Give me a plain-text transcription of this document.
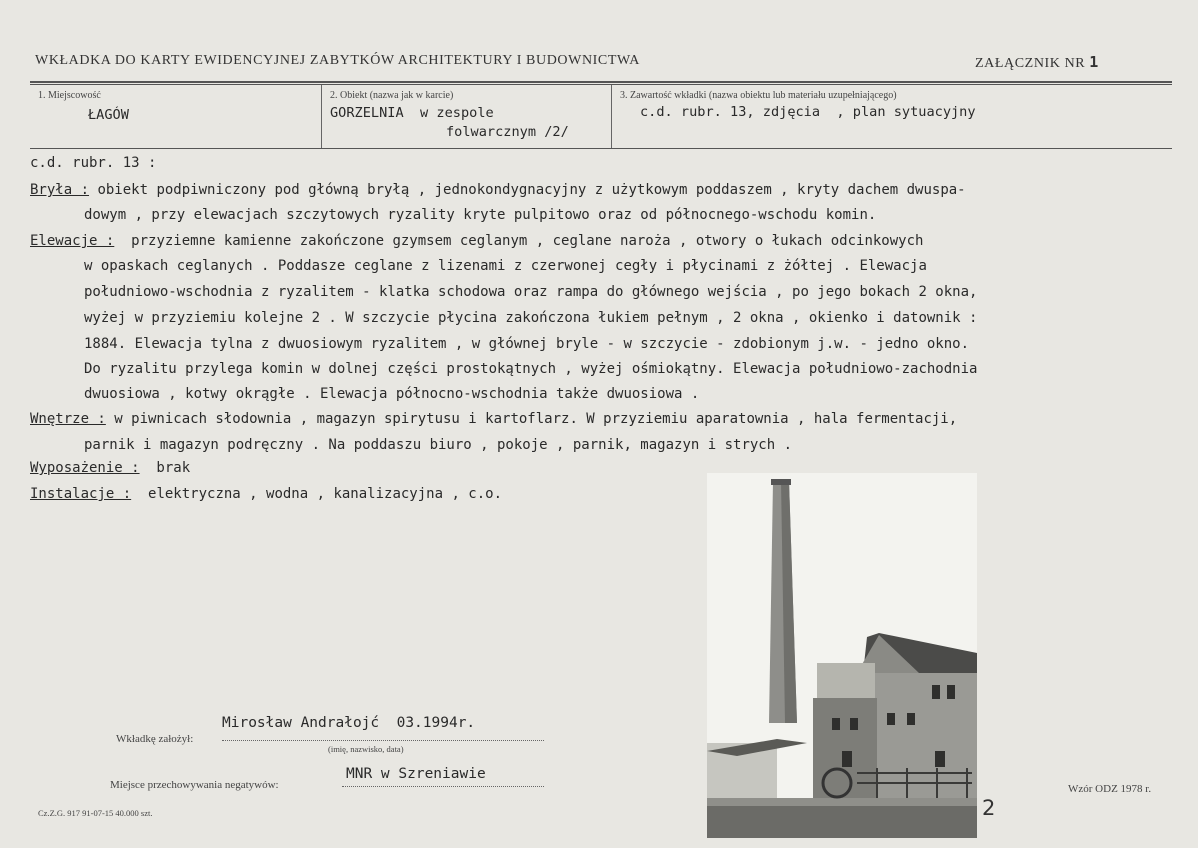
WKŁADKA DO KARTY EWIDENCYJNEJ ZABYTKÓW ARCHITEKTURY I BUDOWNICTWA	ZAŁĄCZNIK NR 1
1. Miejscowość
ŁAGÓW
2. Obiekt (nazwa jak w karcie)
GORZELNIA  w zespole
folwarcznym /2/
3. Zawartość wkładki (nazwa obiektu lub materiału uzupełniającego)
c.d. rubr. 13, zdjęcia  , plan sytuacyjny
c.d. rubr. 13 :
Bryła : obiekt podpiwniczony pod główną bryłą , jednokondygnacyjny z użytkowym poddaszem , kryty dachem dwuspa-
dowym , przy elewacjach szczytowych ryzality kryte pulpitowo oraz od północnego-wschodu komin.
Elewacje :  przyziemne kamienne zakończone gzymsem ceglanym , ceglane naroża , otwory o łukach odcinkowych
w opaskach ceglanych . Poddasze ceglane z lizenami z czerwonej cegły i płycinami z żółtej . Elewacja
południowo-wschodnia z ryzalitem - klatka schodowa oraz rampa do głównego wejścia , po jego bokach 2 okna,
wyżej w przyziemiu kolejne 2 . W szczycie płycina zakończona łukiem pełnym , 2 okna , okienko i datownik :
1884. Elewacja tylna z dwuosiowym ryzalitem , w głównej bryle - w szczycie - zdobionym j.w. - jedno okno.
Do ryzalitu przylega komin w dolnej części prostokątnych , wyżej ośmiokątny. Elewacja południowo-zachodnia
dwuosiowa , kotwy okrągłe . Elewacja północno-wschodnia także dwuosiowa .
Wnętrze : w piwnicach słodownia , magazyn spirytusu i kartoflarz. W przyziemiu aparatownia , hala fermentacji,
parnik i magazyn podręczny . Na poddaszu biuro , pokoje , parnik, magazyn i strych .
Wyposażenie :  brak
Instalacje :  elektryczna , wodna , kanalizacyjna , c.o.
Mirosław Andrałojć  03.1994r.
Wkładkę założył:
(imię, nazwisko, data)
MNR w Szreniawie
Miejsce przechowywania negatywów:
Cz.Z.G. 917 91-07-15 40.000 szt.	2
Wzór ODZ 1978 r.
